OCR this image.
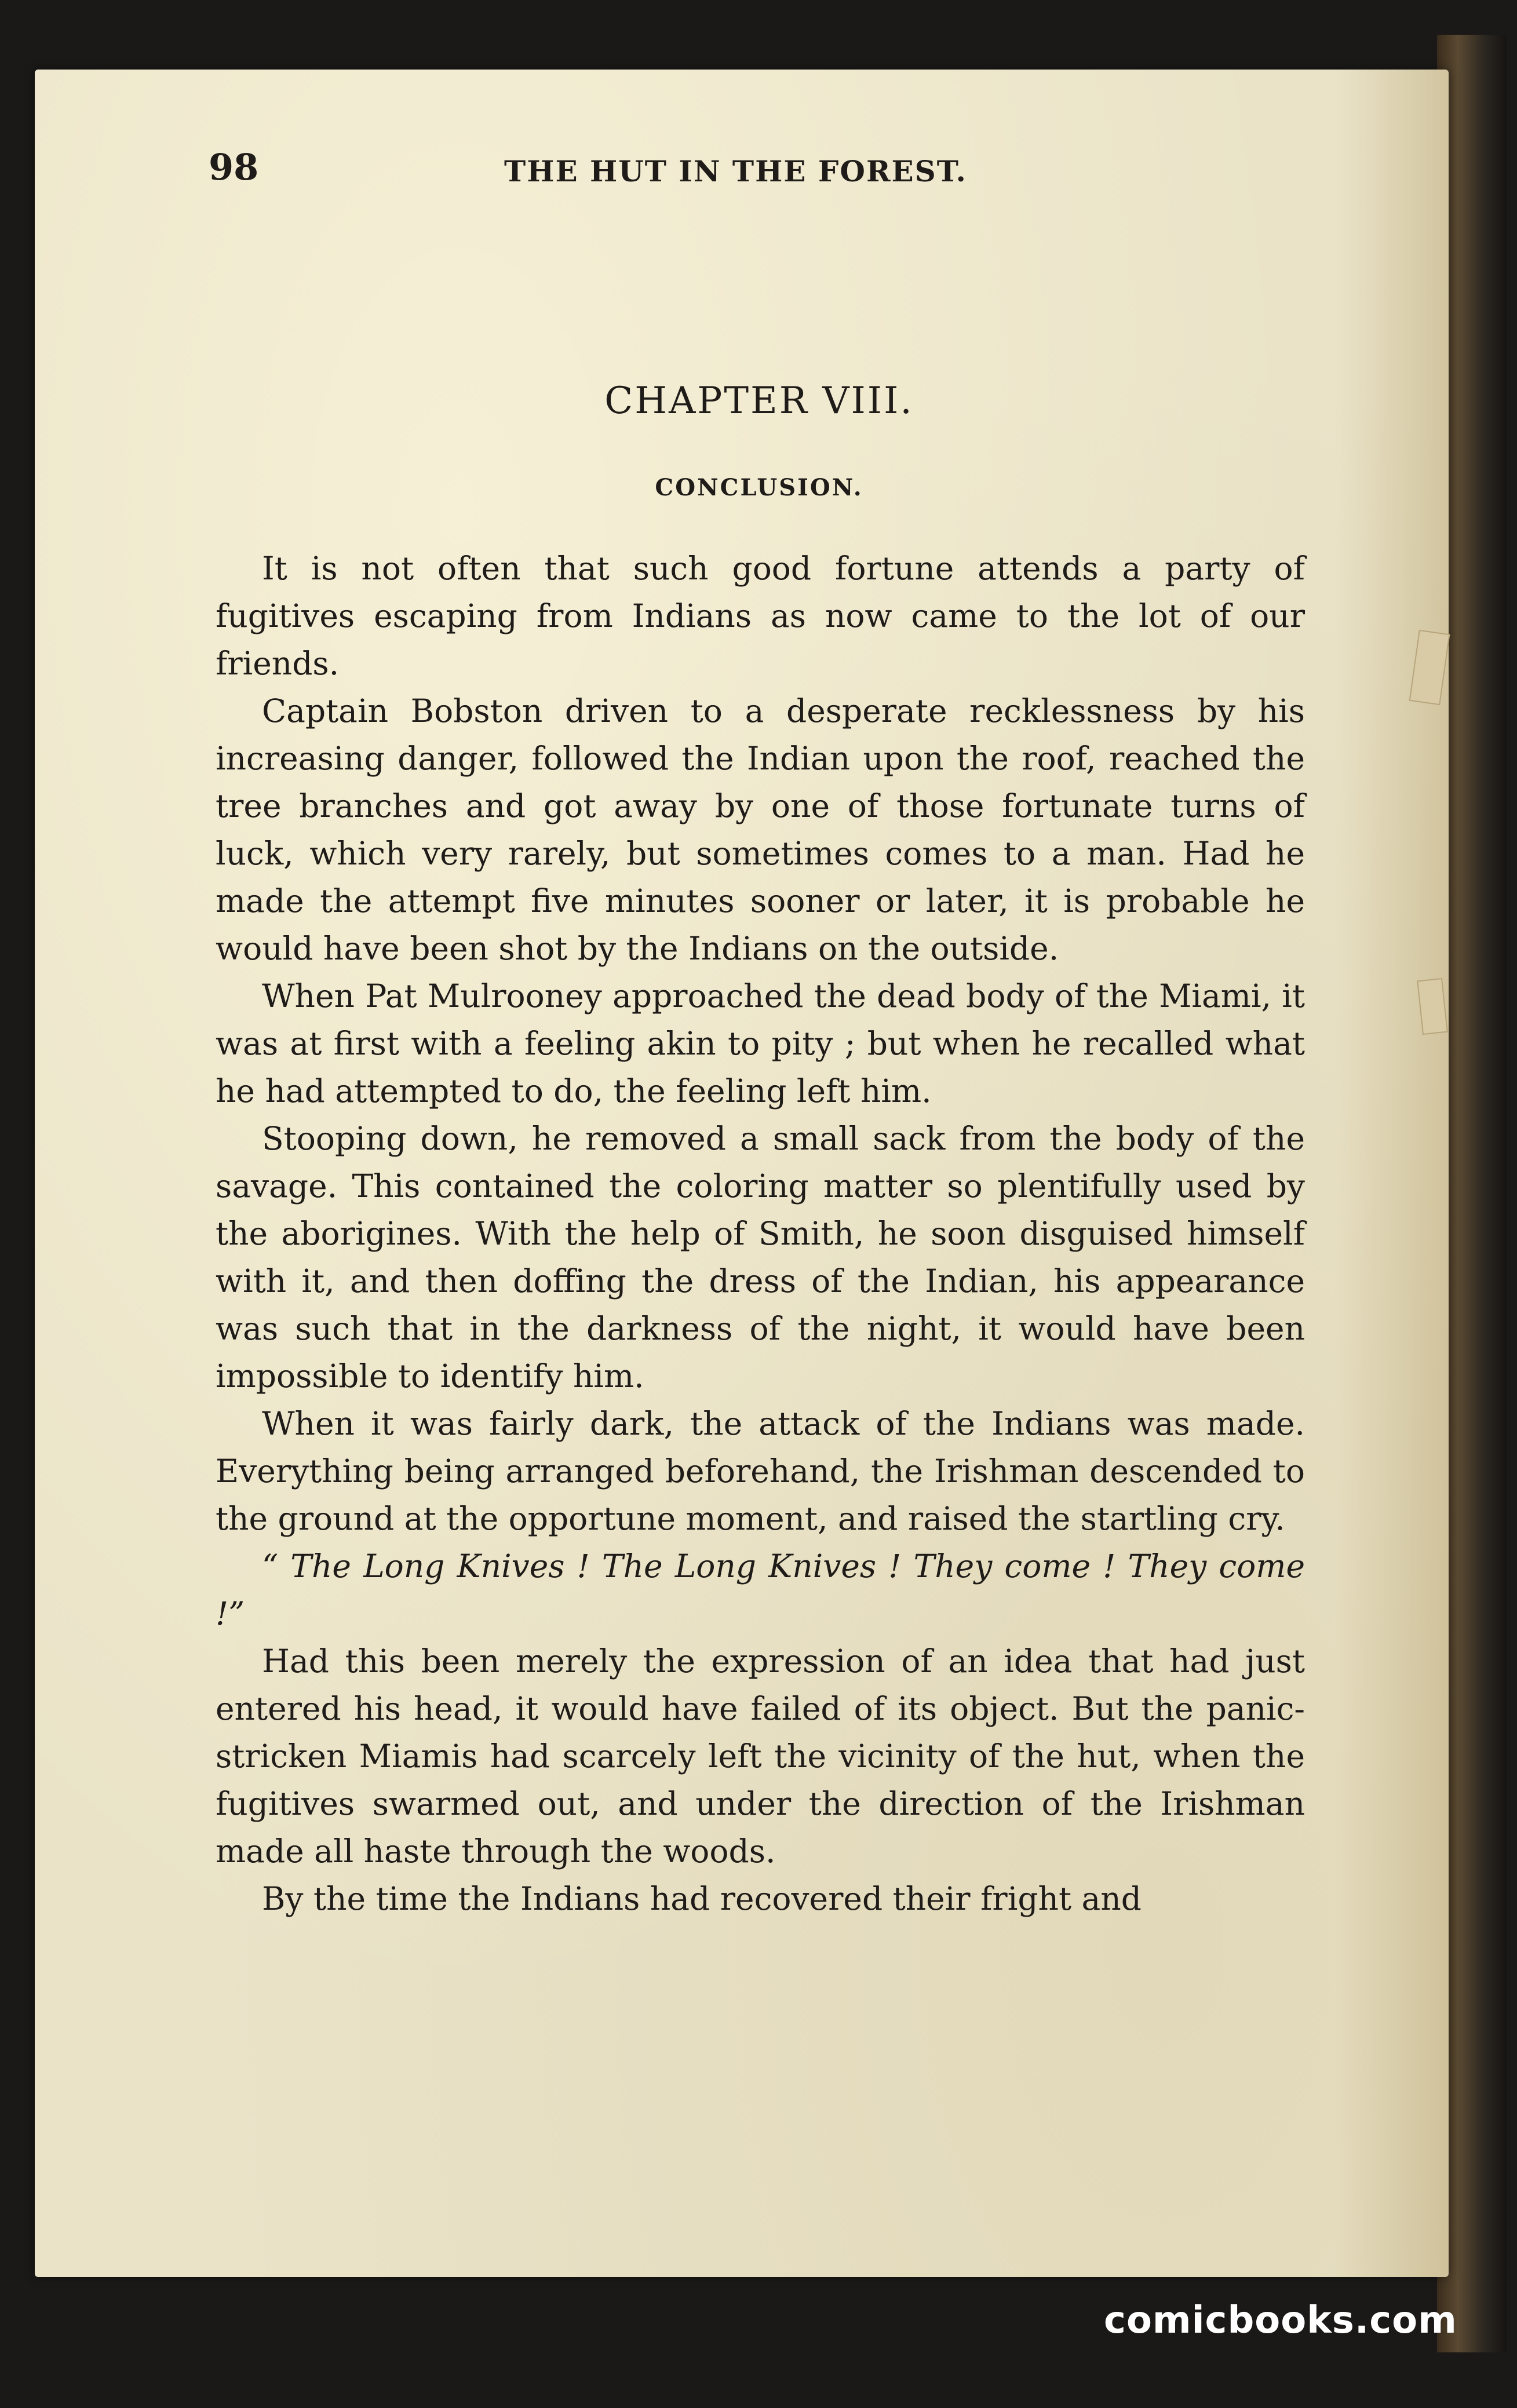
98	THE HUT IN THE FOREST.
CHAPTER VIII.
CONCLUSION.

It is not often that such good fortune attends a party of fugitives escaping from Indians as now came to the lot of our friends.

Captain Bobston driven to a desperate recklessness by his increasing danger, followed the Indian upon the roof, reached the tree branches and got away by one of those fortunate turns of luck, which very rarely, but sometimes comes to a man. Had he made the attempt five minutes sooner or later, it is probable he would have been shot by the Indians on the outside.

When Pat Mulrooney approached the dead body of the Miami, it was at first with a feeling akin to pity ; but when he recalled what he had attempted to do, the feeling left him.

Stooping down, he removed a small sack from the body of the savage. This contained the coloring matter so plentifully used by the aborigines. With the help of Smith, he soon disguised himself with it, and then doffing the dress of the Indian, his appearance was such that in the darkness of the night, it would have been impossible to identify him.

When it was fairly dark, the attack of the Indians was made. Everything being arranged beforehand, the Irishman descended to the ground at the opportune moment, and raised the startling cry.

“ The Long Knives ! The Long Knives ! They come ! They come !”

Had this been merely the expression of an idea that had just entered his head, it would have failed of its object. But the panic-stricken Miamis had scarcely left the vicinity of the hut, when the fugitives swarmed out, and under the direction of the Irishman made all haste through the woods.

By the time the Indians had recovered their fright and

comicbooks.com
